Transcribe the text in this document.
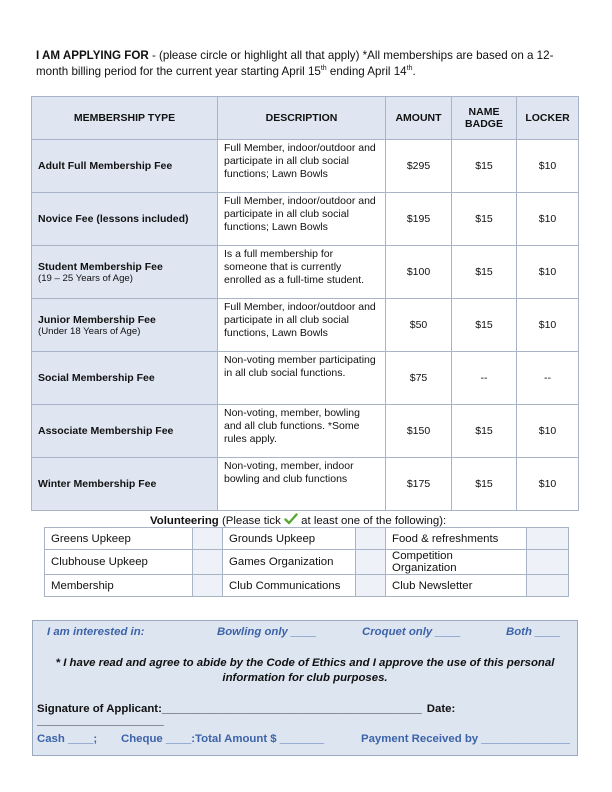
I AM APPLYING FOR - (please circle or highlight all that apply) *All memberships are based on a 12-month billing period for the current year starting April 15th ending April 14th.
MEMBERSHIP TYPE	DESCRIPTION	AMOUNT	NAME BADGE	LOCKER
Adult Full Membership Fee	Full Member, indoor/outdoor and participate in all club social functions; Lawn Bowls	$295	$15	$10
Novice Fee (lessons included)	Full Member, indoor/outdoor and participate in all club social functions; Lawn Bowls	$195	$15	$10
Student Membership Fee
(19 – 25 Years of Age)	Is a full membership for someone that is currently enrolled as a full-time student.	$100	$15	$10
Junior Membership Fee
(Under 18 Years of Age)	Full Member, indoor/outdoor and participate in all club social functions, Lawn Bowls	$50	$15	$10
Social Membership Fee	Non-voting member participating in all club social functions.	$75	--	--
Associate Membership Fee	Non-voting, member, bowling and all club functions. *Some rules apply.	$150	$15	$10
Winter Membership Fee	Non-voting, member, indoor bowling and club functions	$175	$15	$10
Volunteering (Please tick  at least one of the following):
Greens Upkeep		Grounds Upkeep		Food & refreshments	
Clubhouse Upkeep		Games Organization		Competition Organization	
Membership		Club Communications		Club Newsletter	
I am interested in:	Bowling only ____	Croquet only ____	Both ____
* I have read and agree to abide by the Code of Ethics and I approve the use of this personal information for club purposes.
Signature of Applicant:_________________________________________ Date: ____________________
Cash ____; Cheque ____: Total Amount $ _______	Payment Received by ______________
